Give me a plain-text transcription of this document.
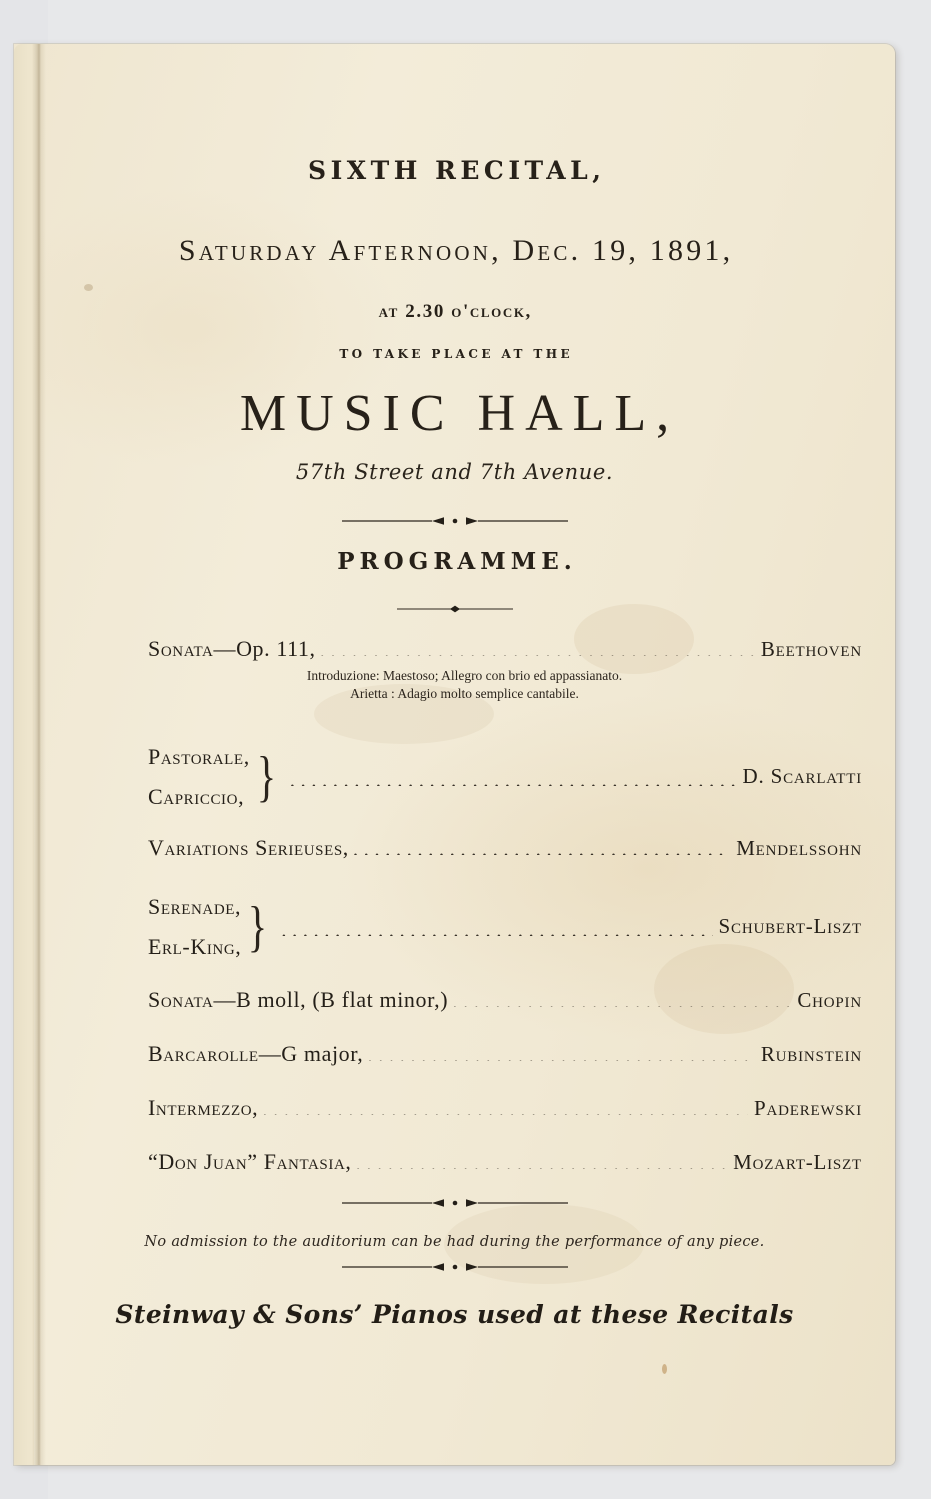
SIXTH RECITAL,
Saturday Afternoon, Dec. 19, 1891,
at 2.30 o'clock,
TO TAKE PLACE AT THE
MUSIC HALL,
57th Street and 7th Avenue.
PROGRAMME.
Sonata—Op. 111, .....	Beethoven
Introduzione: Maestoso; Allegro con brio ed appassianato.
Arietta : Adagio molto semplice cantabile.
Pastorale,
Capriccio, } .....	D. Scarlatti
Variations Serieuses, .....	Mendelssohn
Serenade,
Erl-King, } .....	Schubert-Liszt
Sonata—B moll, (B flat minor,) .....	Chopin
Barcarolle—G major, .....	Rubinstein
Intermezzo, .....	Paderewski
“Don Juan” Fantasia, .....	Mozart-Liszt
No admission to the auditorium can be had during the performance of any piece.
Steinway & Sons’ Pianos used at these Recitals
